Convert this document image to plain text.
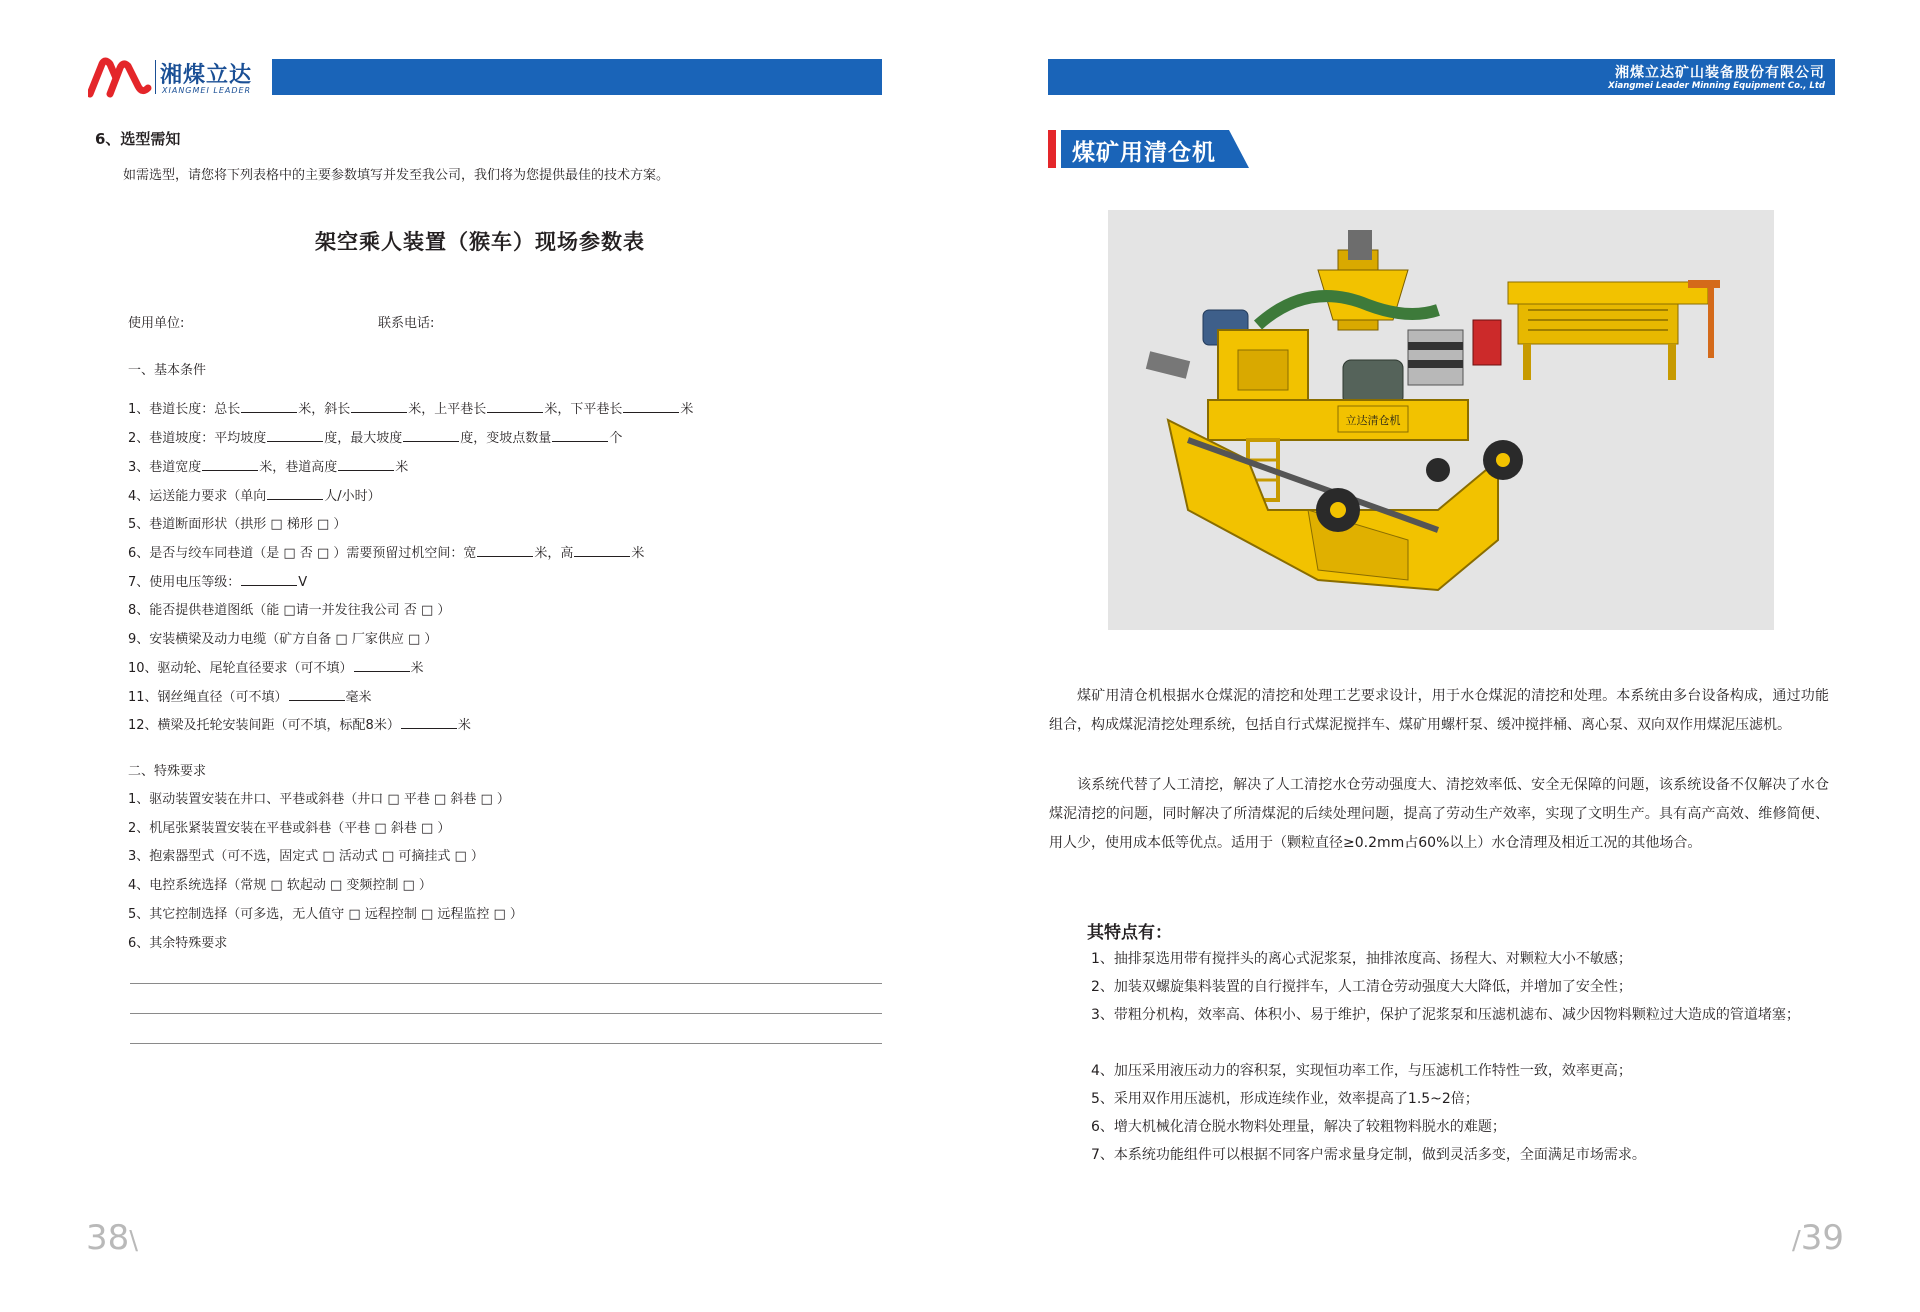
湘煤立达
XIANGMEI LEADER
6、选型需知
如需选型，请您将下列表格中的主要参数填写并发至我公司，我们将为您提供最佳的技术方案。
架空乘人装置（猴车）现场参数表
使用单位:	联系电话:
一、基本条件
1、巷道长度：总长	米，斜长	米，上平巷长	米，下平巷长	米
2、巷道坡度：平均坡度	度，最大坡度	度，变坡点数量	个
3、巷道宽度	米，巷道高度	米
4、运送能力要求（单向	人/小时）
5、巷道断面形状（拱形 □ 梯形 □ ）
6、是否与绞车同巷道（是 □ 否 □ ）需要预留过机空间：宽	米，高	米
7、使用电压等级：	V
8、能否提供巷道图纸（能 □请一并发往我公司 否 □ ）
9、安装横梁及动力电缆（矿方自备 □ 厂家供应 □ ）
10、驱动轮、尾轮直径要求（可不填）	米
11、钢丝绳直径（可不填）	毫米
12、横梁及托轮安装间距（可不填，标配8米）	米
二、特殊要求
1、驱动装置安装在井口、平巷或斜巷（井口 □ 平巷 □ 斜巷 □ ）
2、机尾张紧装置安装在平巷或斜巷（平巷 □ 斜巷 □ ）
3、抱索器型式（可不选，固定式 □ 活动式 □ 可摘挂式 □ ）
4、电控系统选择（常规 □ 软起动 □ 变频控制 □ ）
5、其它控制选择（可多选，无人值守 □ 远程控制 □ 远程监控 □ ）
6、其余特殊要求
38\
湘煤立达矿山装备股份有限公司
Xiangmei Leader Minning Equipment Co., Ltd
煤矿用清仓机
立达清仓机
煤矿用清仓机根据水仓煤泥的清挖和处理工艺要求设计，用于水仓煤泥的清挖和处理。本系统由多台设备构成，通过功能组合，构成煤泥清挖处理系统，包括自行式煤泥搅拌车、煤矿用螺杆泵、缓冲搅拌桶、离心泵、双向双作用煤泥压滤机。
该系统代替了人工清挖，解决了人工清挖水仓劳动强度大、清挖效率低、安全无保障的问题，该系统设备不仅解决了水仓煤泥清挖的问题，同时解决了所清煤泥的后续处理问题，提高了劳动生产效率，实现了文明生产。具有高产高效、维修简便、用人少，使用成本低等优点。适用于（颗粒直径≥0.2mm占60%以上）水仓清理及相近工况的其他场合。
其特点有：
1、抽排泵选用带有搅拌头的离心式泥浆泵，抽排浓度高、扬程大、对颗粒大小不敏感；
2、加装双螺旋集料装置的自行搅拌车，人工清仓劳动强度大大降低，并增加了安全性；
3、带粗分机构，效率高、体积小、易于维护，保护了泥浆泵和压滤机滤布、减少因物料颗粒过大造成的管道堵塞；
4、加压采用液压动力的容积泵，实现恒功率工作，与压滤机工作特性一致，效率更高；
5、采用双作用压滤机，形成连续作业，效率提高了1.5~2倍；
6、增大机械化清仓脱水物料处理量，解决了较粗物料脱水的难题；
7、本系统功能组件可以根据不同客户需求量身定制，做到灵活多变，全面满足市场需求。
/39
